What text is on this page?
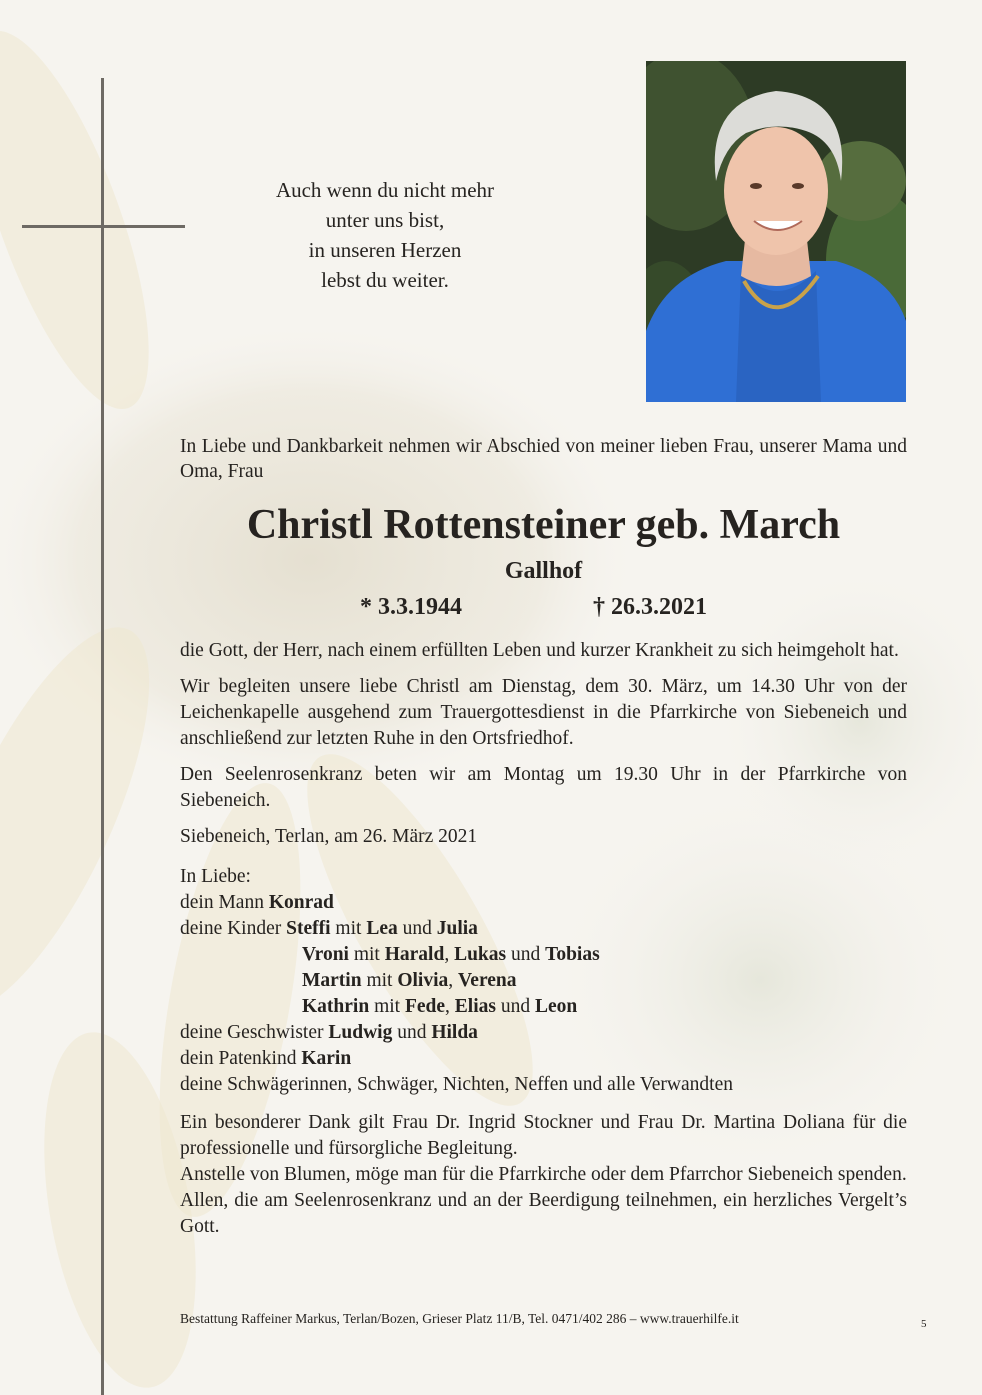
Auch wenn du nicht mehr
unter uns bist,
in unseren Herzen
lebst du weiter.

In Liebe und Dankbarkeit nehmen wir Abschied von meiner lieben Frau, unserer Mama und Oma, Frau

Christl Rottensteiner geb. March
Gallhof
* 3.3.1944	† 26.3.2021

die Gott, der Herr, nach einem erfüllten Leben und kurzer Krankheit zu sich heimgeholt hat.

Wir begleiten unsere liebe Christl am Dienstag, dem 30. März, um 14.30 Uhr von der Leichenkapelle ausgehend zum Trauergottesdienst in die Pfarrkirche von Siebeneich und anschließend zur letzten Ruhe in den Ortsfriedhof.

Den Seelenrosenkranz beten wir am Montag um 19.30 Uhr in der Pfarrkirche von Siebeneich.

Siebeneich, Terlan, am 26. März 2021

In Liebe:
dein Mann Konrad
deine Kinder Steffi mit Lea und Julia
Vroni mit Harald, Lukas und Tobias
Martin mit Olivia, Verena
Kathrin mit Fede, Elias und Leon
deine Geschwister Ludwig und Hilda
dein Patenkind Karin
deine Schwägerinnen, Schwäger, Nichten, Neffen und alle Verwandten

Ein besonderer Dank gilt Frau Dr. Ingrid Stockner und Frau Dr. Martina Doliana für die professionelle und fürsorgliche Begleitung.

Anstelle von Blumen, möge man für die Pfarrkirche oder dem Pfarrchor Siebeneich spenden.

Allen, die am Seelenrosenkranz und an der Beerdigung teilnehmen, ein herzliches Vergelt’s Gott.

Bestattung Raffeiner Markus, Terlan/Bozen, Grieser Platz 11/B, Tel. 0471/402 286 – www.trauerhilfe.it	5
